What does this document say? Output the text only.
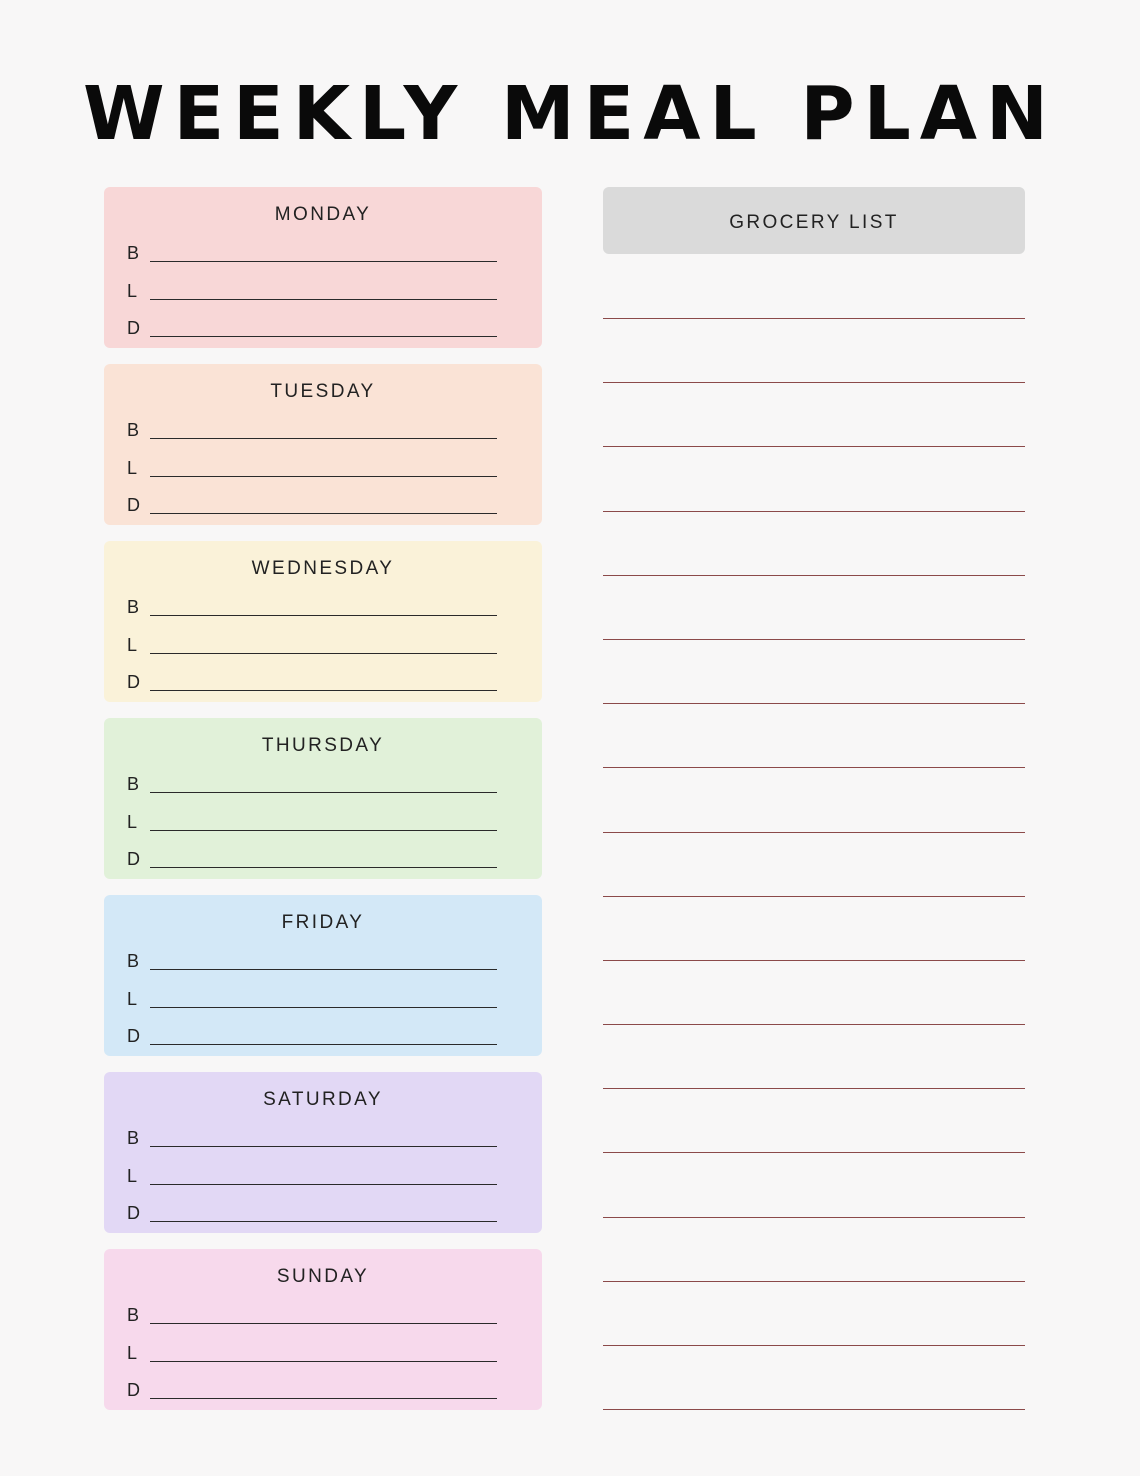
WEEKLY MEAL PLAN
MONDAY
B
L
D
TUESDAY
B
L
D
WEDNESDAY
B
L
D
THURSDAY
B
L
D
FRIDAY
B
L
D
SATURDAY
B
L
D
SUNDAY
B
L
D
GROCERY LIST
